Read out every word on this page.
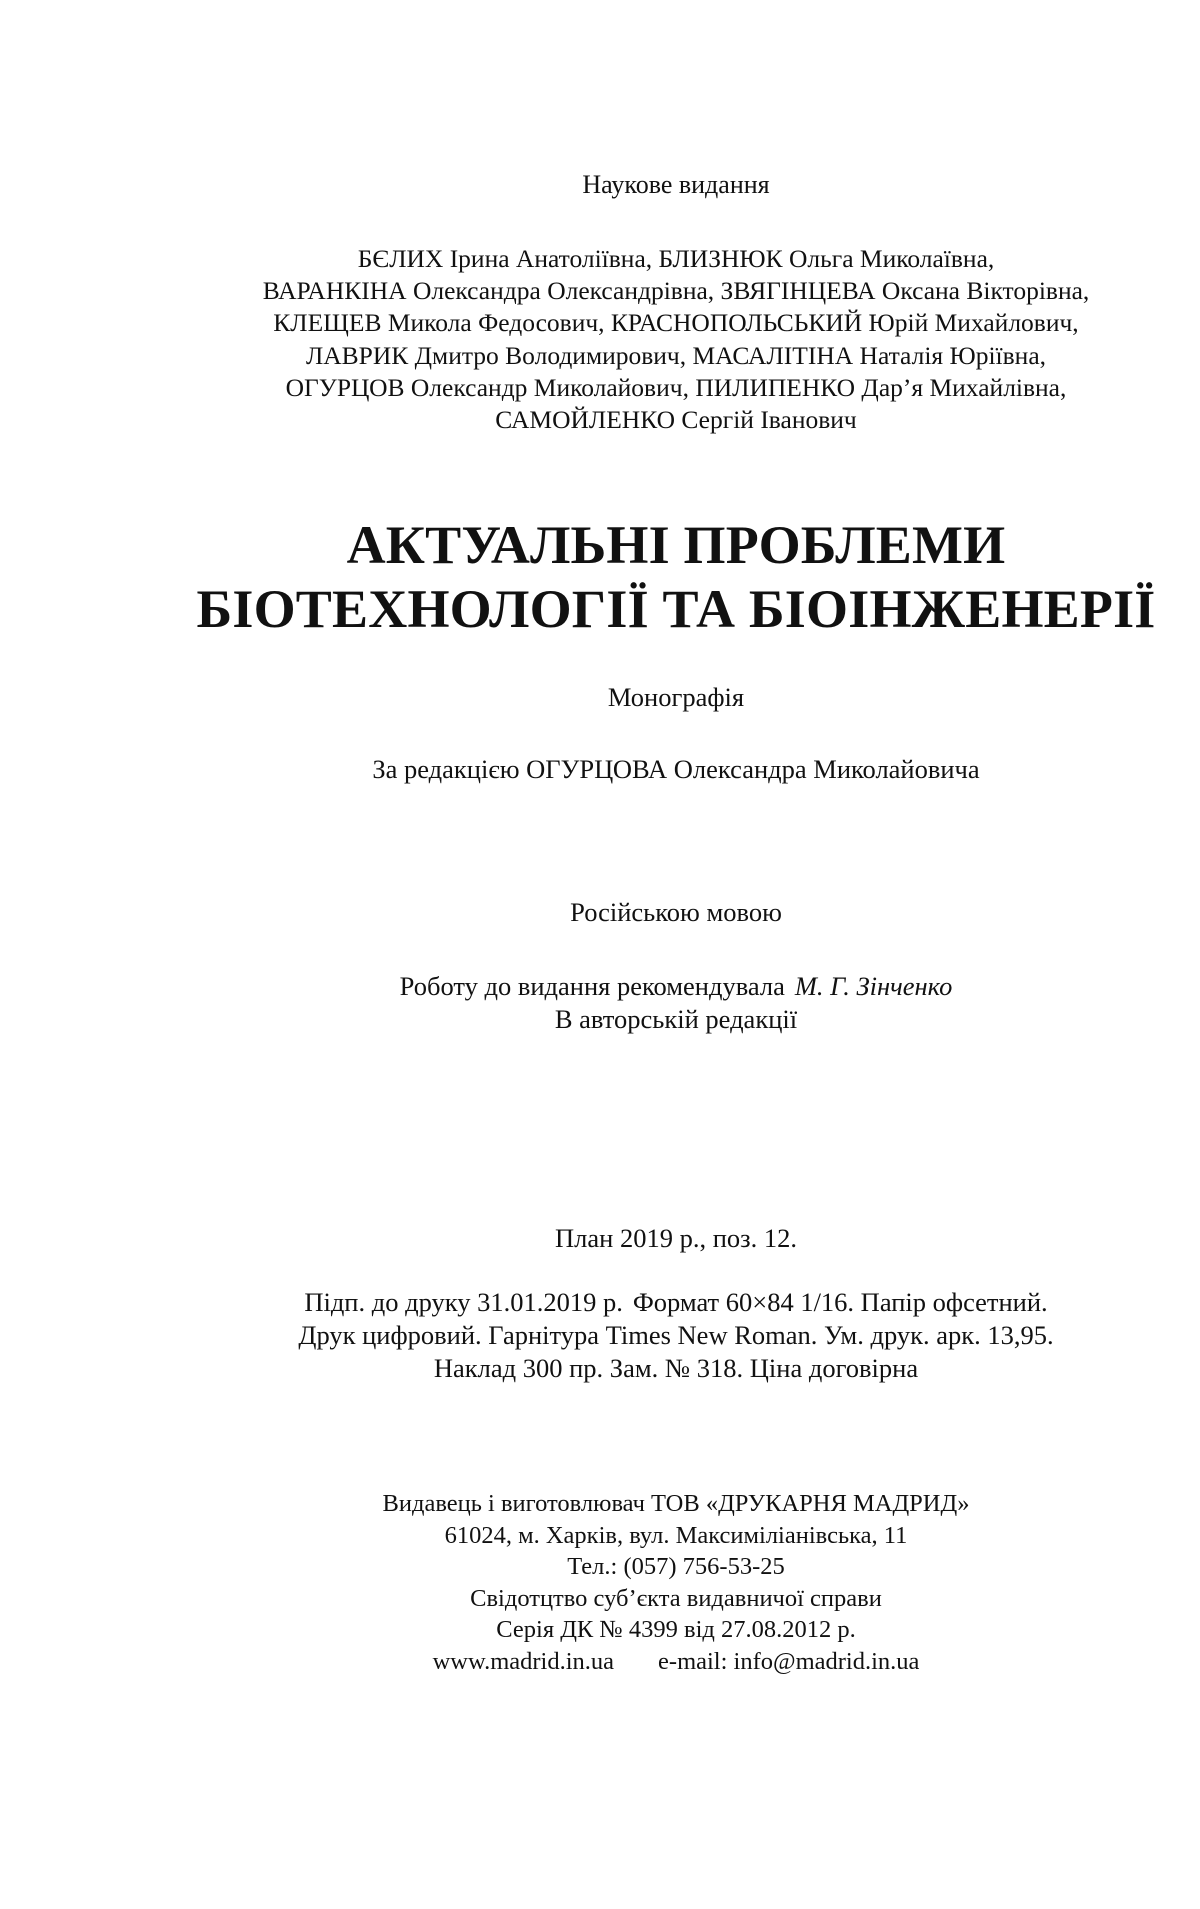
Наукове видання
БЄЛИХ Ірина Анатоліївна, БЛИЗНЮК Ольга Миколаївна,
ВАРАНКІНА Олександра Олександрівна, ЗВЯГІНЦЕВА Оксана Вікторівна,
КЛЕЩЕВ Микола Федосович, КРАСНОПОЛЬСЬКИЙ Юрій Михайлович,
ЛАВРИК Дмитро Володимирович, МАСАЛІТІНА Наталія Юріївна,
ОГУРЦОВ Олександр Миколайович, ПИЛИПЕНКО Дар’я Михайлівна,
САМОЙЛЕНКО Сергій Іванович
АКТУАЛЬНІ ПРОБЛЕМИ
БІОТЕХНОЛОГІЇ ТА БІОІНЖЕНЕРІЇ
Монографія
За редакцією ОГУРЦОВА Олександра Миколайовича
Російською мовою
Роботу до видання рекомендувала М. Г. Зінченко
В авторській редакції
План 2019 р., поз. 12.
Підп. до друку 31.01.2019 р. Формат 60×84 1/16. Папір офсетний.
Друк цифровий. Гарнітура Times New Roman. Ум. друк. арк. 13,95.
Наклад 300 пр. Зам. № 318. Ціна договірна
Видавець і виготовлювач ТОВ «ДРУКАРНЯ МАДРИД»
61024, м. Харків, вул. Максиміліанівська, 11
Тел.: (057) 756-53-25
Свідотцтво суб’єкта видавничої справи
Серія ДК № 4399 від 27.08.2012 р.
www.madrid.in.ua e-mail: info@madrid.in.ua
